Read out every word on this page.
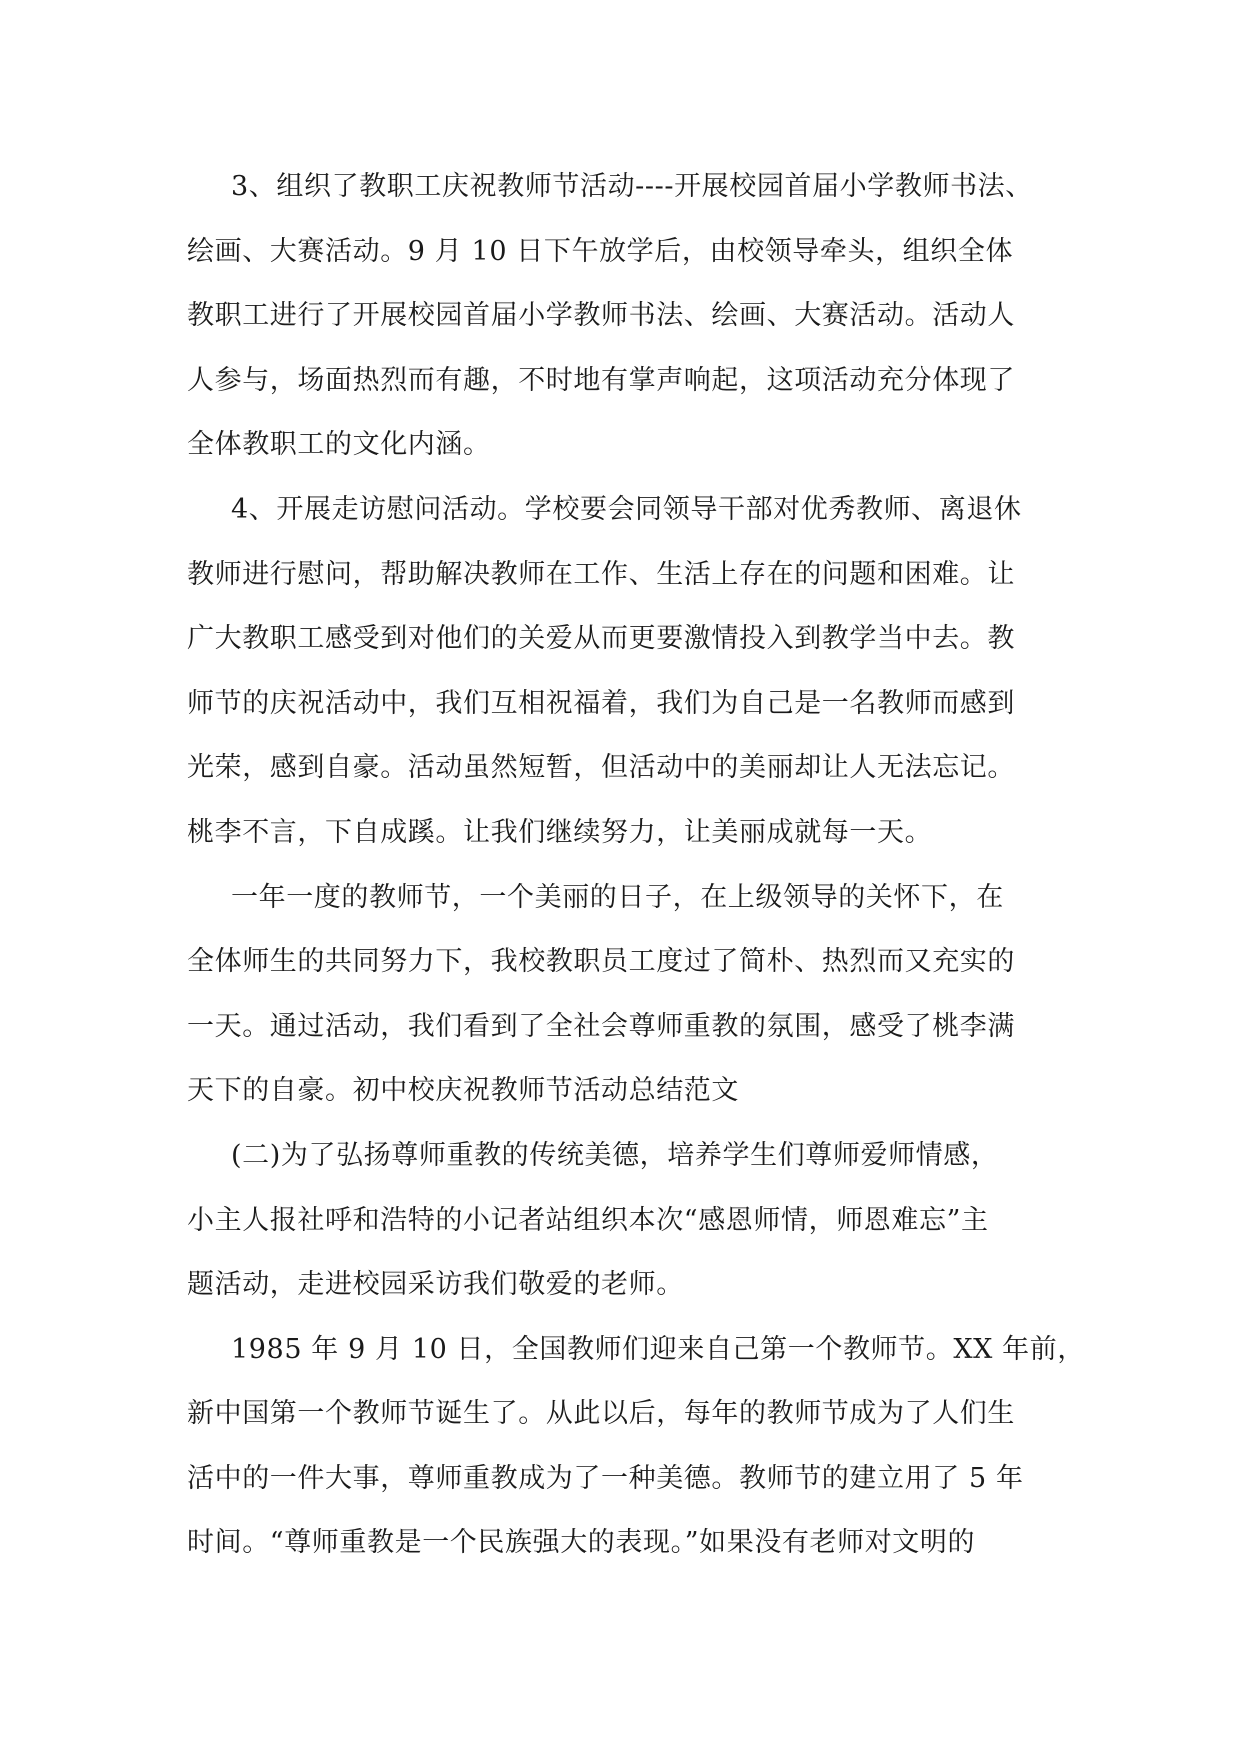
3、组织了教职工庆祝教师节活动----开展校园首届小学教师书法、
绘画、大赛活动。9 月 10 日下午放学后，由校领导牵头，组织全体
教职工进行了开展校园首届小学教师书法、绘画、大赛活动。活动人
人参与，场面热烈而有趣，不时地有掌声响起，这项活动充分体现了
全体教职工的文化内涵。
4、开展走访慰问活动。学校要会同领导干部对优秀教师、离退休
教师进行慰问，帮助解决教师在工作、生活上存在的问题和困难。让
广大教职工感受到对他们的关爱从而更要激情投入到教学当中去。教
师节的庆祝活动中，我们互相祝福着，我们为自己是一名教师而感到
光荣，感到自豪。活动虽然短暂，但活动中的美丽却让人无法忘记。
桃李不言，下自成蹊。让我们继续努力，让美丽成就每一天。
一年一度的教师节，一个美丽的日子，在上级领导的关怀下，在
全体师生的共同努力下，我校教职员工度过了简朴、热烈而又充实的
一天。通过活动，我们看到了全社会尊师重教的氛围，感受了桃李满
天下的自豪。初中校庆祝教师节活动总结范文
(二)为了弘扬尊师重教的传统美德，培养学生们尊师爱师情感，
小主人报社呼和浩特的小记者站组织本次“感恩师情，师恩难忘”主
题活动，走进校园采访我们敬爱的老师。
1985 年 9 月 10 日，全国教师们迎来自己第一个教师节。XX 年前，
新中国第一个教师节诞生了。从此以后，每年的教师节成为了人们生
活中的一件大事，尊师重教成为了一种美德。教师节的建立用了 5 年
时间。“尊师重教是一个民族强大的表现。”如果没有老师对文明的
